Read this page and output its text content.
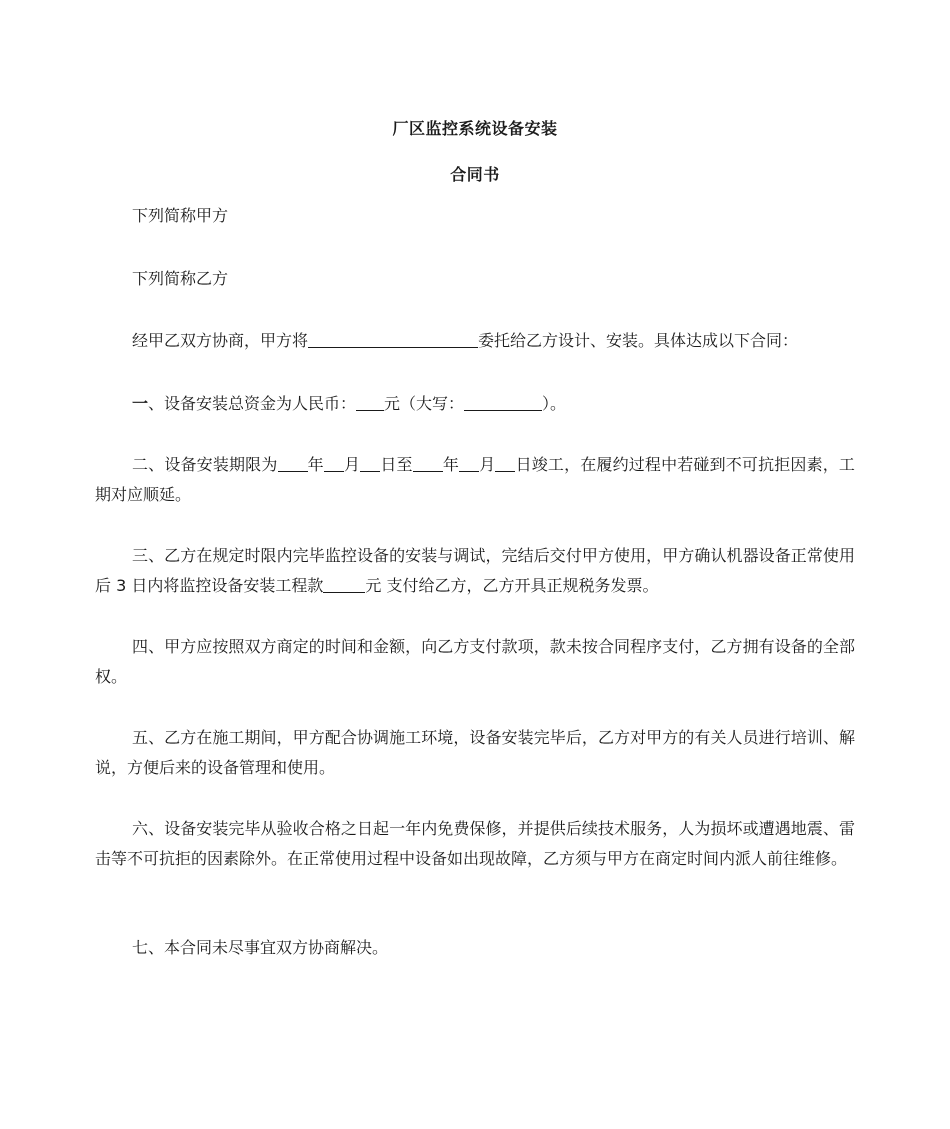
厂区监控系统设备安装
合同书

下列简称甲方

下列简称乙方

经甲乙双方协商，甲方将	委托给乙方设计、安装。具体达成以下合同：

一、设备安装总资金为人民币： 元（大写：	）。

二、设备安装期限为 年 月 日至 年 月 日竣工，在履约过程中若碰到不可抗拒因素，工期对应顺延。

三、乙方在规定时限内完毕监控设备的安装与调试，完结后交付甲方使用，甲方确认机器设备正常使用后 3 日内将监控设备安装工程款	元 支付给乙方，乙方开具正规税务发票。

四、甲方应按照双方商定的时间和金额，向乙方支付款项，款未按合同程序支付，乙方拥有设备的全部权。

五、乙方在施工期间，甲方配合协调施工环境，设备安装完毕后，乙方对甲方的有关人员进行培训、解说，方便后来的设备管理和使用。

六、设备安装完毕从验收合格之日起一年内免费保修，并提供后续技术服务，人为损坏或遭遇地震、雷击等不可抗拒的因素除外。在正常使用过程中设备如出现故障，乙方须与甲方在商定时间内派人前往维修。

七、本合同未尽事宜双方协商解决。
